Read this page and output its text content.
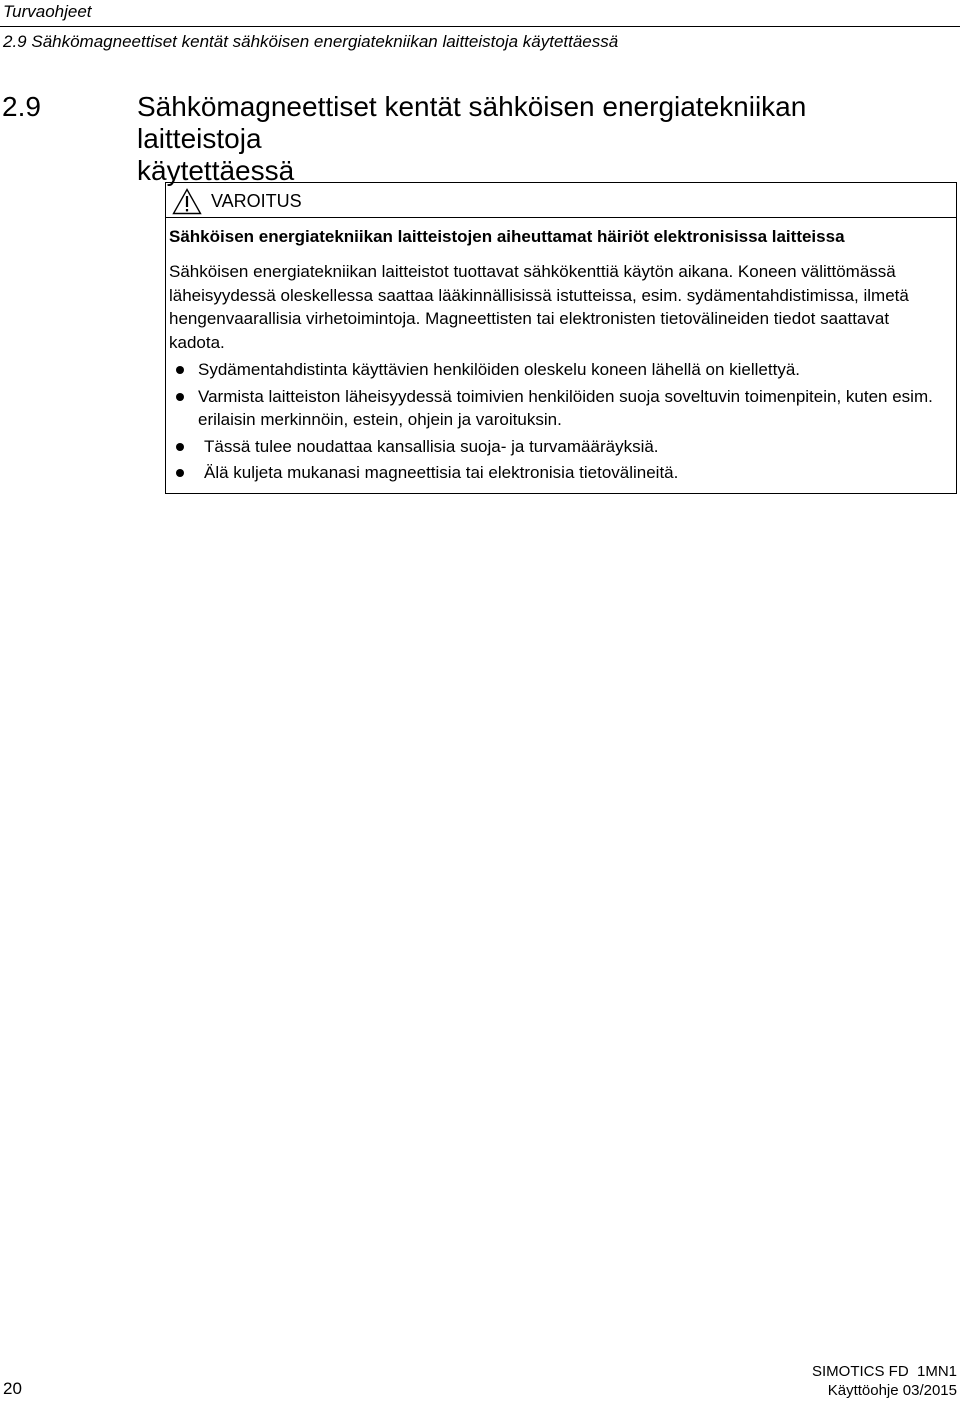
Turvaohjeet
2.9 Sähkömagneettiset kentät sähköisen energiatekniikan laitteistoja käytettäessä
2.9	Sähkömagneettiset kentät sähköisen energiatekniikan laitteistoja
käytettäessä
VAROITUS
Sähköisen energiatekniikan laitteistojen aiheuttamat häiriöt elektronisissa laitteissa
Sähköisen energiatekniikan laitteistot tuottavat sähkökenttiä käytön aikana. Koneen välittömässä läheisyydessä oleskellessa saattaa lääkinnällisissä istutteissa, esim. sydämentahdistimissa, ilmetä hengenvaarallisia virhetoimintoja. Magneettisten tai elektronisten tietovälineiden tiedot saattavat kadota.
Sydämentahdistinta käyttävien henkilöiden oleskelu koneen lähellä on kiellettyä.
Varmista laitteiston läheisyydessä toimivien henkilöiden suoja soveltuvin toimenpitein, kuten esim. erilaisin merkinnöin, estein, ohjein ja varoituksin.
Tässä tulee noudattaa kansallisia suoja- ja turvamääräyksiä.
Älä kuljeta mukanasi magneettisia tai elektronisia tietovälineitä.
20
SIMOTICS FD  1MN1
Käyttöohje 03/2015
